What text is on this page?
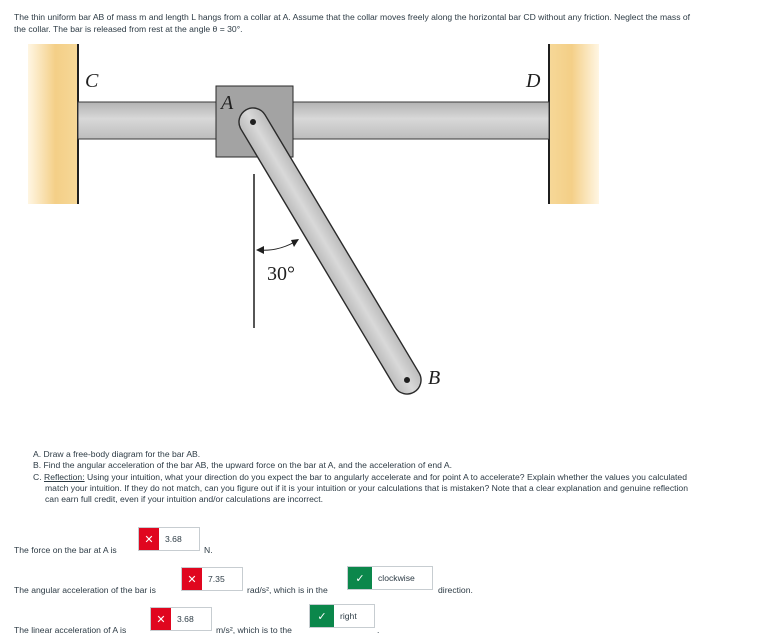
The thin uniform bar AB of mass m and length L hangs from a collar at A. Assume that the collar moves freely along the horizontal bar CD without any friction. Neglect the mass of

the collar. The bar is released from rest at the angle θ = 30°.

C	D
A
B
30°

A. Draw a free-body diagram for the bar AB.

B. Find the angular acceleration of the bar AB, the upward force on the bar at A, and the acceleration of end A.

C. Reflection: Using your intuition, what your direction do you expect the bar to angularly accelerate and for point A to accelerate? Explain whether the values you calculated

match your intuition. If they do not match, can you figure out if it is your intuition or your calculations that is mistaken? Note that a clear explanation and genuine reflection

can earn full credit, even if your intuition and/or calculations are incorrect.

The force on the bar at A is
✕	3.68
N.
The angular acceleration of the bar is
✕	7.35
rad/s², which is in the
✓	clockwise
direction.
The linear acceleration of A is
✕	3.68
m/s², which is to the
✓	right
.
